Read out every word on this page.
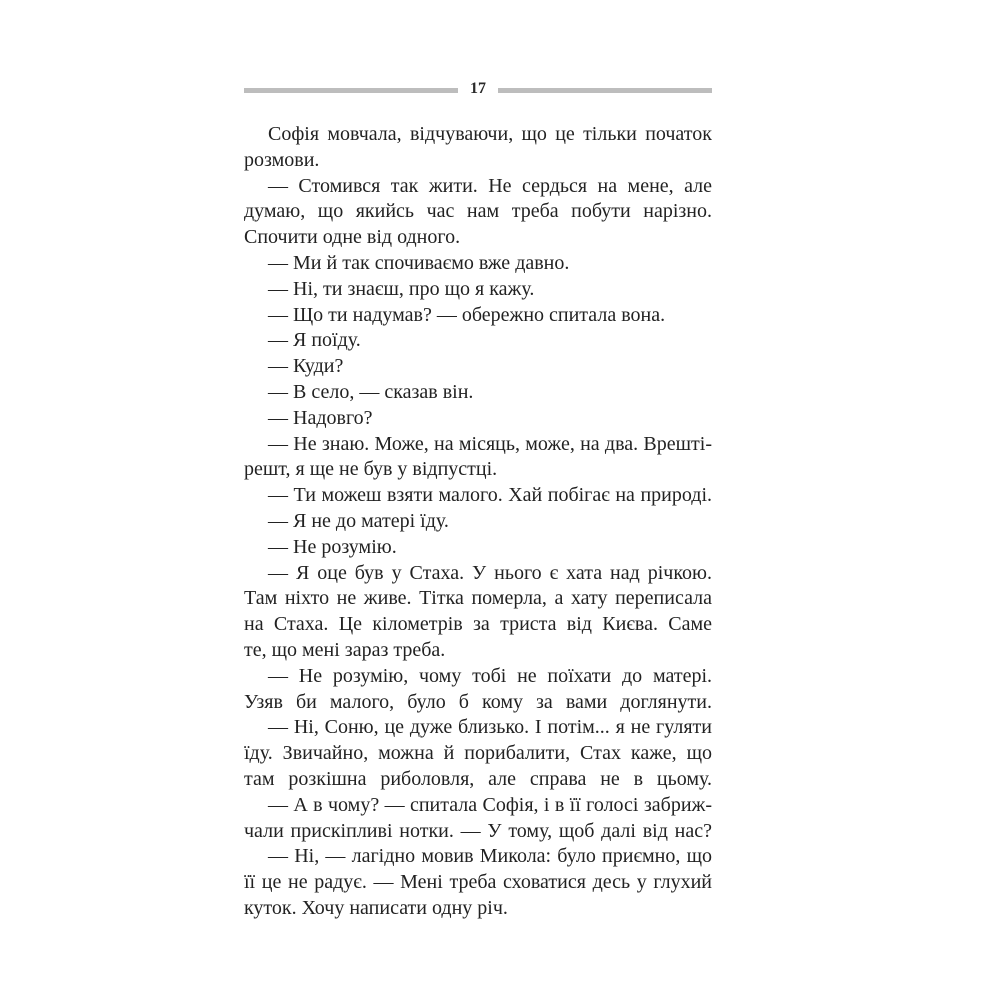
17
Софія мовчала, відчуваючи, що це тільки початок
розмови.
— Стомився так жити. Не сердься на мене, але
думаю, що якийсь час нам треба побути нарізно.
Спочити одне від одного.
— Ми й так спочиваємо вже давно.
— Ні, ти знаєш, про що я кажу.
— Що ти надумав? — обережно спитала вона.
— Я поїду.
— Куди?
— В село, — сказав він.
— Надовго?
— Не знаю. Може, на місяць, може, на два. Врешті-
решт, я ще не був у відпустці.
— Ти можеш взяти малого. Хай побігає на природі.
— Я не до матері їду.
— Не розумію.
— Я оце був у Стаха. У нього є хата над річкою.
Там ніхто не живе. Тітка померла, а хату переписала
на Стаха. Це кілометрів за триста від Києва. Саме
те, що мені зараз треба.
— Не розумію, чому тобі не поїхати до матері.
Узяв би малого, було б кому за вами доглянути.
— Ні, Соню, це дуже близько. І потім... я не гуляти
їду. Звичайно, можна й порибалити, Стах каже, що
там розкішна риболовля, але справа не в цьому.
— А в чому? — спитала Софія, і в її голосі забриж-
чали прискіпливі нотки. — У тому, щоб далі від нас?
— Ні, — лагідно мовив Микола: було приємно, що
її це не радує. — Мені треба сховатися десь у глухий
куток. Хочу написати одну річ.
